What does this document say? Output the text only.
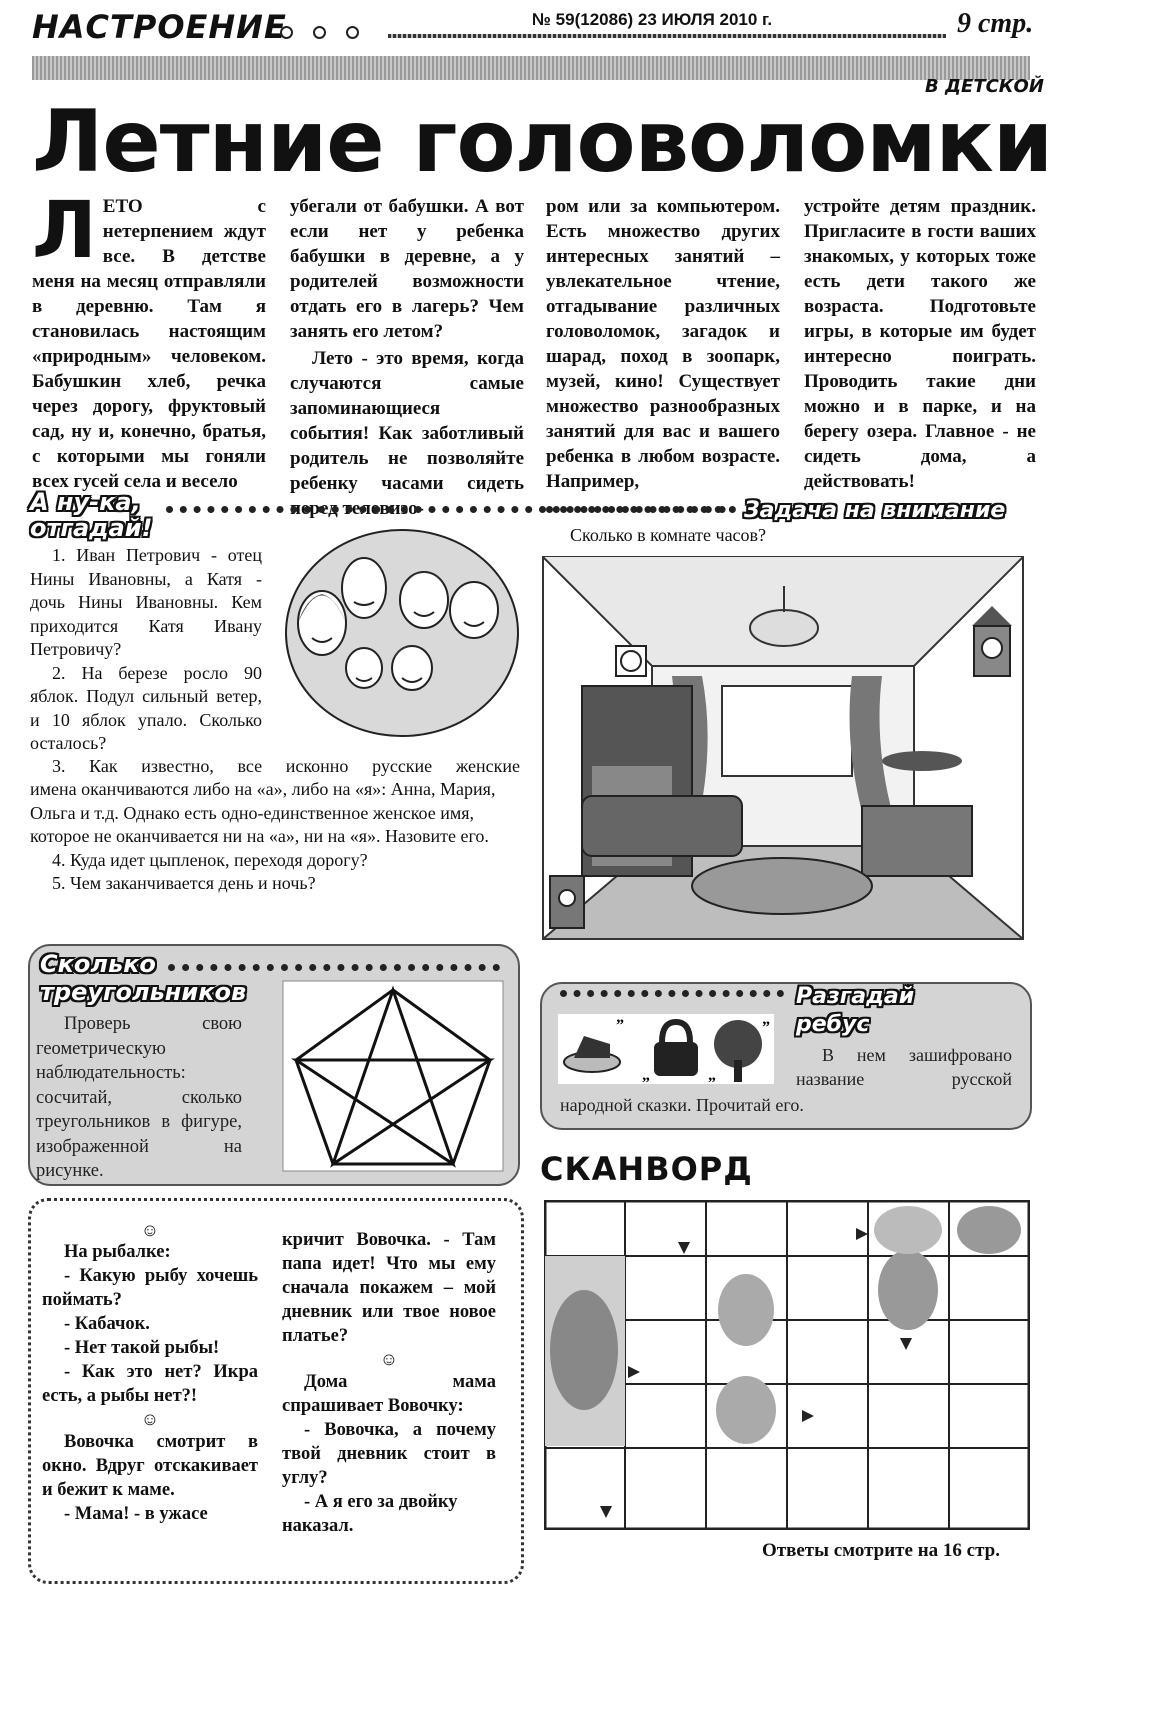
НАСТРОЕНИЕ	№ 59(12086) 23 ИЮЛЯ 2010 г.	9 стр.
В ДЕТСКОЙ
Летние головоломки
Л ЕТО с нетерпением ждут все. В детстве меня на месяц отправляли в деревню. Там я становилась настоящим «природным» человеком. Бабушкин хлеб, речка через дорогу, фруктовый сад, ну и, конечно, братья, с которыми мы гоняли всех гусей села и весело

убегали от бабушки. А вот если нет у ребенка бабушки в деревне, а у родителей возможности отдать его в лагерь? Чем занять его летом?

Лето - это время, когда случаются самые запоминающиеся события! Как заботливый родитель не позволяйте ребенку часами сидеть перед телевизо-

ром или за компьютером. Есть множество других интересных занятий – увлекательное чтение, отгадывание различных головоломок, загадок и шарад, поход в зоопарк, музей, кино! Существует множество разнообразных занятий для вас и вашего ребенка в любом возрасте. Например,

устройте детям праздник. Пригласите в гости ваших знакомых, у которых тоже есть дети такого же возраста. Подготовьте игры, в которые им будет интересно поиграть. Проводить такие дни можно и в парке, и на берегу озера. Главное - не сидеть дома, а действовать!

А ну-ка,
отгадай!

1. Иван Петрович - отец Нины Ивановны, а Катя - дочь Нины Ивановны. Кем приходится Катя Ивану Петровичу?

2. На березе росло 90 яблок. Подул сильный ветер, и 10 яблок упало. Сколько осталось?

3. Как известно, все исконно русские женские

имена оканчиваются либо на «а», либо на «я»: Анна, Мария, Ольга и т.д. Однако есть одно-единственное женское имя, которое не оканчивается ни на «а», ни на «я». Назовите его.

4. Куда идет цыпленок, переходя дорогу?

5. Чем заканчивается день и ночь?

Задача на внимание
Сколько в комнате часов?
Сколько
треугольников
Проверь свою геометрическую наблюдательность: сосчитай, сколько треугольников в фигуре, изображенной на рисунке.
Разгадай
ребус
”
„	„
”
В нем зашифровано название русской
народной сказки. Прочитай его.
СКАНВОРД
Ответы смотрите на 16 стр.

☺

На рыбалке:

- Какую рыбу хочешь поймать?

- Кабачок.

- Нет такой рыбы!

- Как это нет? Икра есть, а рыбы нет?!

☺

Вовочка смотрит в окно. Вдруг отскакивает и бежит к маме.

- Мама! - в ужасе

кричит Вовочка. - Там папа идет! Что мы ему сначала покажем – мой дневник или твое новое платье?

☺

Дома мама спрашивает Вовочку:

- Вовочка, а почему твой дневник стоит в углу?

- А я его за двойку наказал.
